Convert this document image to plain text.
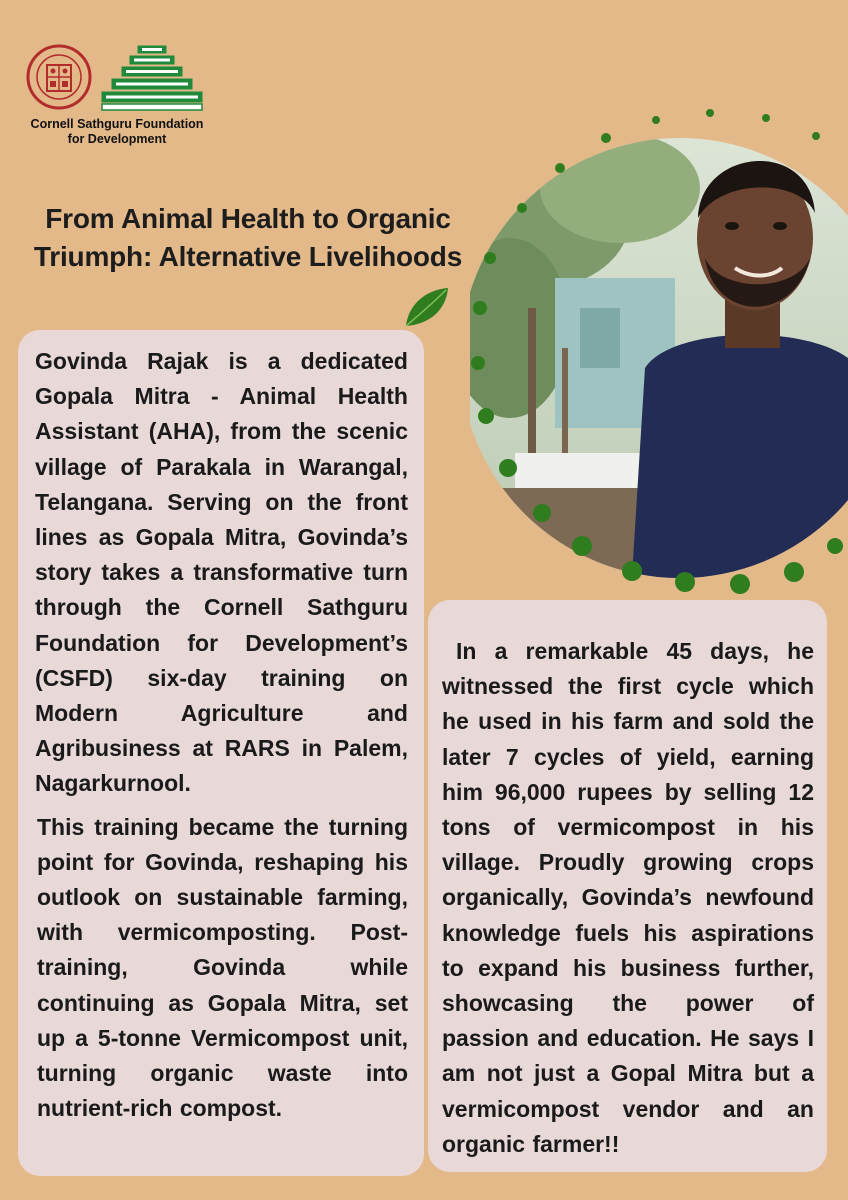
Cornell Sathguru Foundation
for Development
From Animal Health to Organic
Triumph: Alternative Livelihoods

Govinda Rajak is a dedicated Gopala Mitra - Animal Health Assistant (AHA), from the scenic village of Parakala in Warangal, Telangana. Serving on the front lines as Gopala Mitra, Govinda’s story takes a transformative turn through the Cornell Sathguru Foundation for Development’s (CSFD) six-day training on Modern Agriculture and Agribusiness at RARS in Palem, Nagarkurnool.

This training became the turning point for Govinda, reshaping his outlook on sustainable farming, with vermicomposting. Post-training, Govinda while continuing as Gopala Mitra, set up a 5-tonne Vermicompost unit, turning organic waste into nutrient-rich compost.

In a remarkable 45 days, he witnessed the first cycle which he used in his farm and sold the later 7 cycles of yield, earning him 96,000 rupees by selling 12 tons of vermicompost in his village. Proudly growing crops organically, Govinda’s newfound knowledge fuels his aspirations to expand his business further, showcasing the power of passion and education. He says I am not just a Gopal Mitra but a vermicompost vendor and an organic farmer!!
